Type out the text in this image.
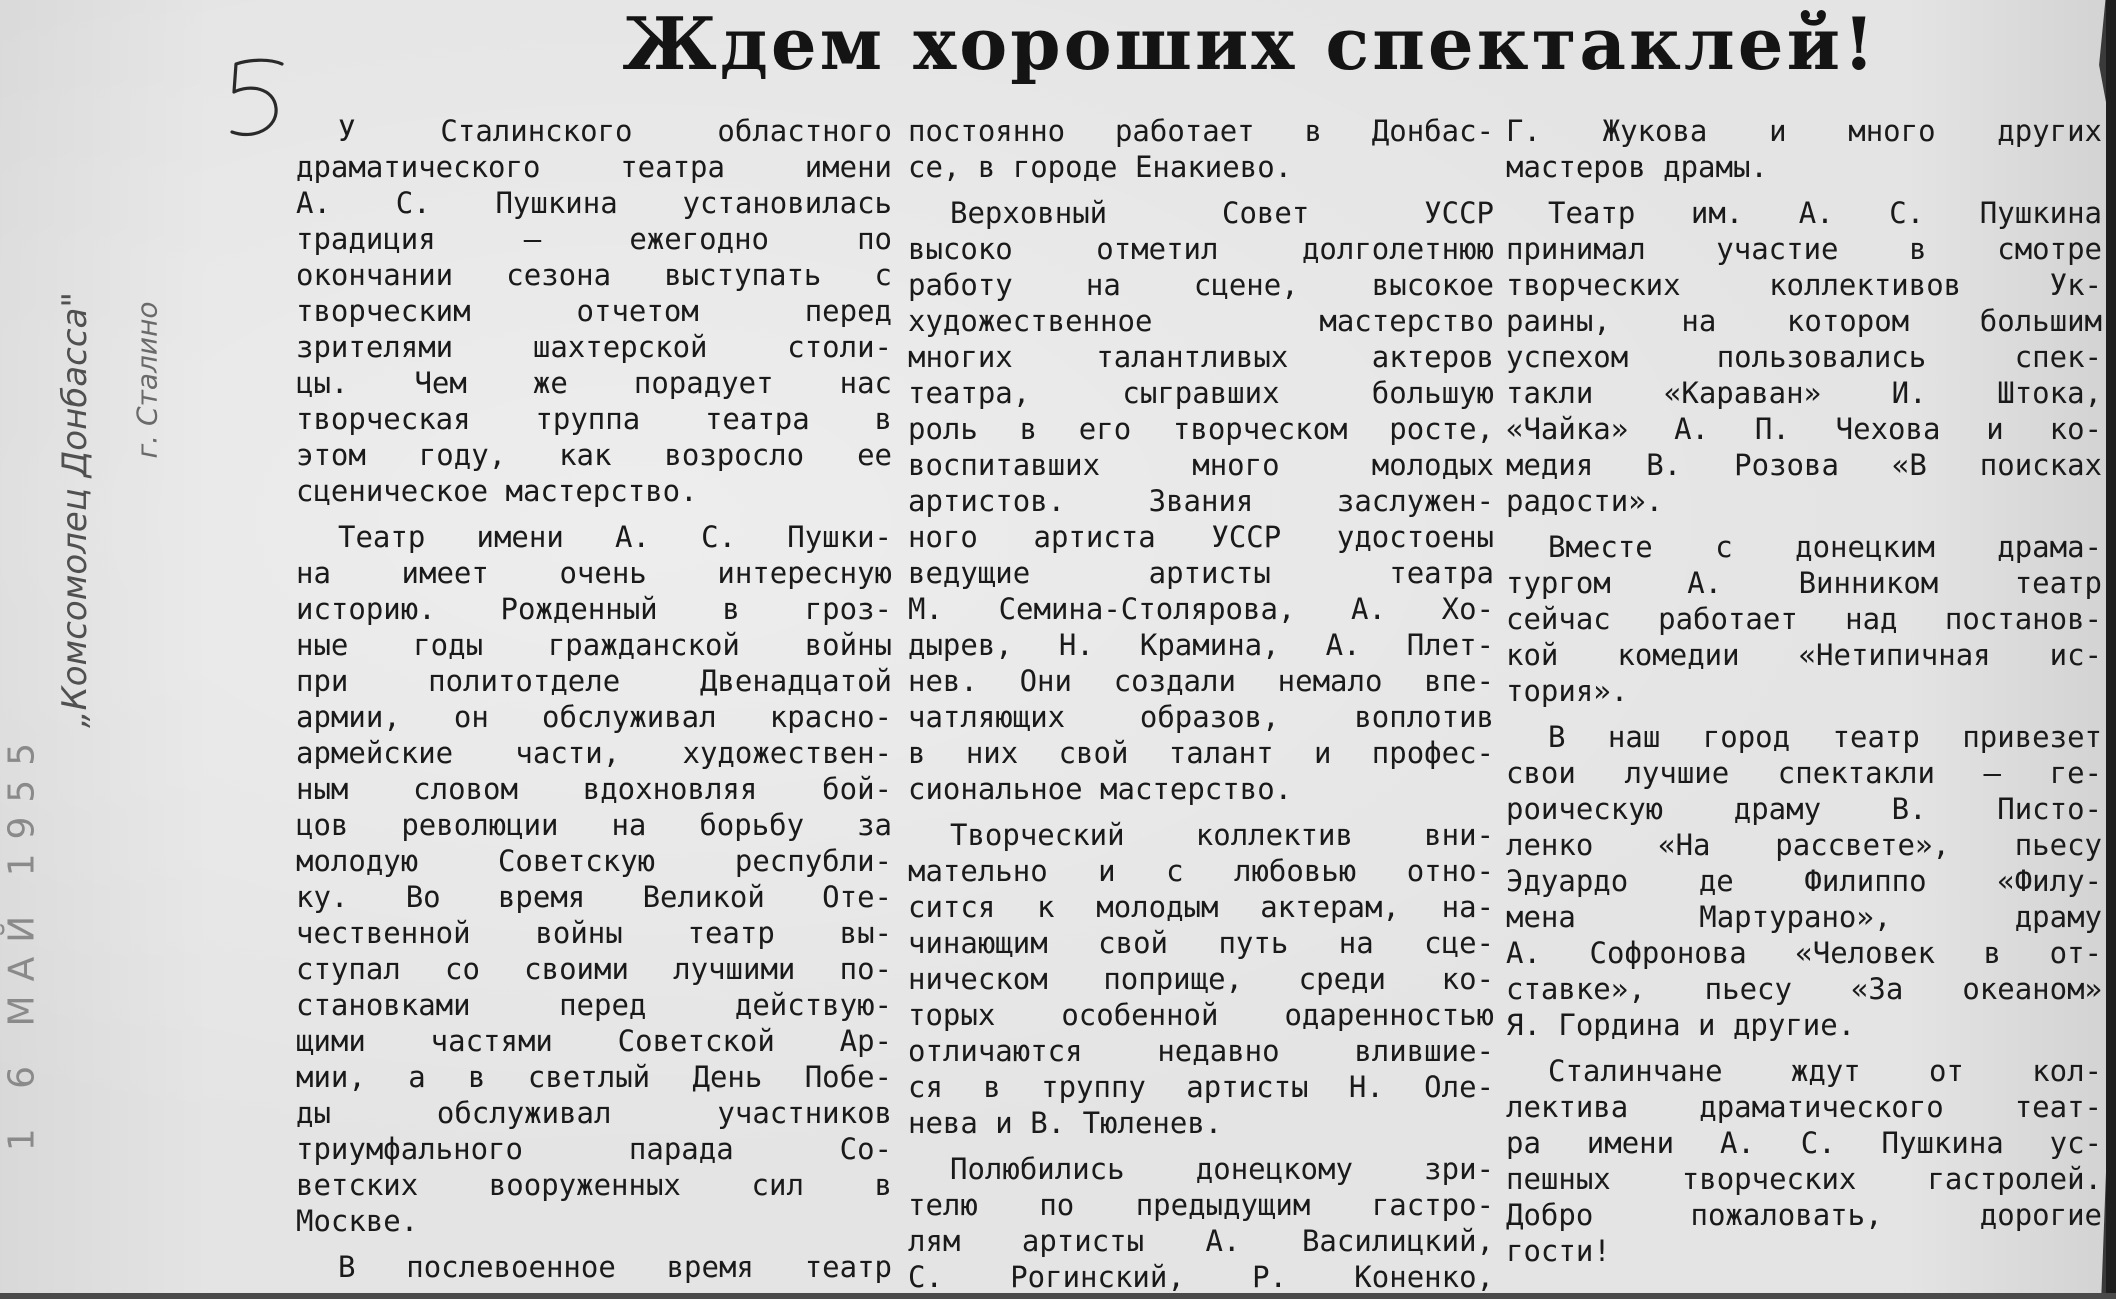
„Комсомолец Донбасса" г. Сталино
1 6 МАЙ 1955
Ждем хороших спектаклей!

У Сталинского областного

драматического театра имени

А. С. Пушкина установилась

традиция — ежегодно по

окончании сезона выступать с

творческим отчетом перед

зрителями шахтерской столи-

цы. Чем же порадует нас

творческая труппа театра в

этом году, как возросло ее

сценическое мастерство.

Театр имени А. С. Пушки-

на имеет очень интересную

историю. Рожденный в гроз-

ные годы гражданской войны

при политотделе Двенадцатой

армии, он обслуживал красно-

армейские части, художествен-

ным словом вдохновляя бой-

цов революции на борьбу за

молодую Советскую республи-

ку. Во время Великой Оте-

чественной войны театр вы-

ступал со своими лучшими по-

становками перед действую-

щими частями Советской Ар-

мии, а в светлый День Побе-

ды обслуживал участников

триумфального парада Со-

ветских вооруженных сил в

Москве.

В послевоенное время театр

постоянно работает в Донбас-

се, в городе Енакиево.

Верховный Совет УССР

высоко отметил долголетнюю

работу на сцене, высокое

художественное мастерство

многих талантливых актеров

театра, сыгравших большую

роль в его творческом росте,

воспитавших много молодых

артистов. Звания заслужен-

ного артиста УССР удостоены

ведущие артисты театра

М. Семина-Столярова, А. Хо-

дырев, Н. Крамина, А. Плет-

нев. Они создали немало впе-

чатляющих образов, воплотив

в них свой талант и профес-

сиональное мастерство.

Творческий коллектив вни-

мательно и с любовью отно-

сится к молодым актерам, на-

чинающим свой путь на сце-

ническом поприще, среди ко-

торых особенной одаренностью

отличаются недавно влившие-

ся в труппу артисты Н. Оле-

нева и В. Тюленев.

Полюбились донецкому зри-

телю по предыдущим гастро-

лям артисты А. Василицкий,

С. Рогинский, Р. Коненко,

Г. Жукова и много других

мастеров драмы.

Театр им. А. С. Пушкина

принимал участие в смотре

творческих коллективов Ук-

раины, на котором большим

успехом пользовались спек-

такли «Караван» И. Штока,

«Чайка» А. П. Чехова и ко-

медия В. Розова «В поисках

радости».

Вместе с донецким драма-

тургом А. Винником театр

сейчас работает над постанов-

кой комедии «Нетипичная ис-

тория».

В наш город театр привезет

свои лучшие спектакли — ге-

роическую драму В. Писто-

ленко «На рассвете», пьесу

Эдуардо де Филиппо «Филу-

мена Мартурано», драму

А. Софронова «Человек в от-

ставке», пьесу «За океаном»

Я. Гордина и другие.

Сталинчане ждут от кол-

лектива драматического теат-

ра имени А. С. Пушкина ус-

пешных творческих гастролей.

Добро пожаловать, дорогие

гости!
